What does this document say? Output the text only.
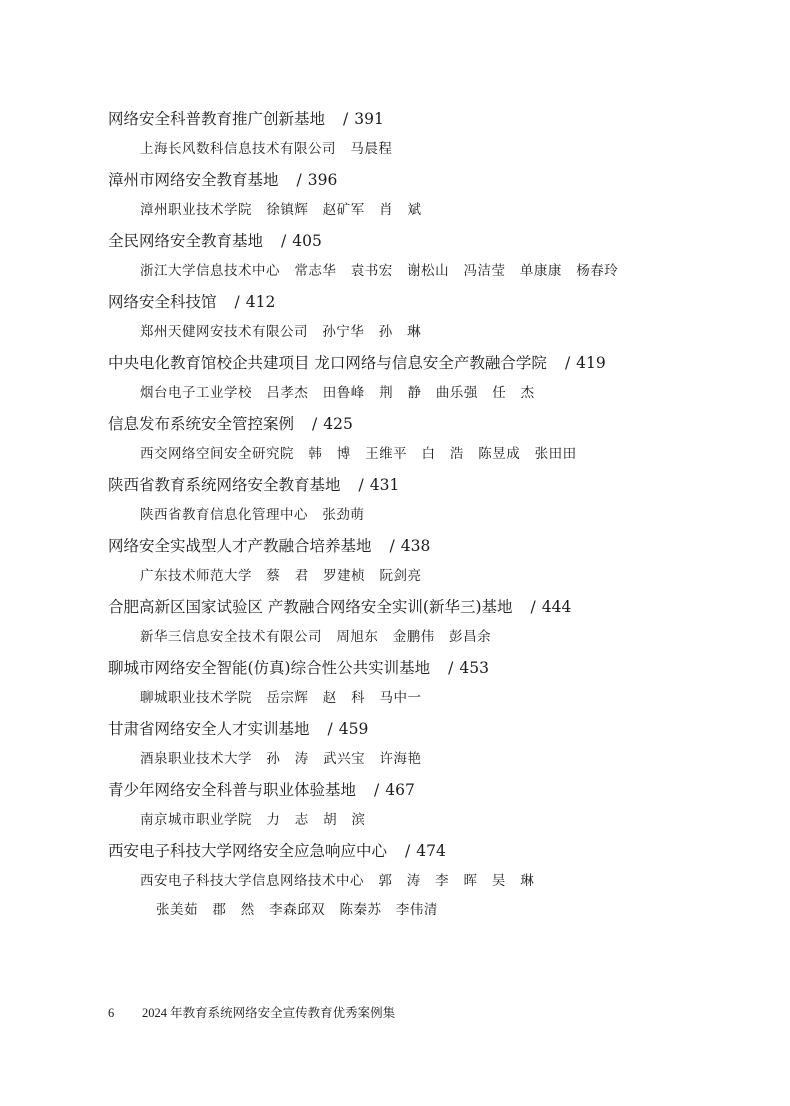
网络安全科普教育推广创新基地 / 391
上海长风数科信息技术有限公司   马晨程
漳州市网络安全教育基地 / 396
漳州职业技术学院   徐镇辉   赵矿军   肖   斌
全民网络安全教育基地 / 405
浙江大学信息技术中心   常志华   袁书宏   谢松山   冯洁莹   单康康   杨春玲
网络安全科技馆 / 412
郑州天健网安技术有限公司   孙宁华   孙   琳
中央电化教育馆校企共建项目 龙口网络与信息安全产教融合学院 / 419
烟台电子工业学校   吕孝杰   田鲁峰   荆   静   曲乐强   任   杰
信息发布系统安全管控案例 / 425
西交网络空间安全研究院   韩   博   王维平   白   浩   陈昱成   张田田
陕西省教育系统网络安全教育基地 / 431
陕西省教育信息化管理中心   张劲萌
网络安全实战型人才产教融合培养基地 / 438
广东技术师范大学   蔡   君   罗建桢   阮剑亮
合肥高新区国家试验区 产教融合网络安全实训(新华三)基地 / 444
新华三信息安全技术有限公司   周旭东   金鹏伟   彭昌余
聊城市网络安全智能(仿真)综合性公共实训基地 / 453
聊城职业技术学院   岳宗辉   赵   科   马中一
甘肃省网络安全人才实训基地 / 459
酒泉职业技术大学   孙   涛   武兴宝   许海艳
青少年网络安全科普与职业体验基地 / 467
南京城市职业学院   力   志   胡   滨
西安电子科技大学网络安全应急响应中心 / 474
西安电子科技大学信息网络技术中心   郭   涛   李   晖   吴   琳
张美茹   郡   然   李森邱双   陈秦苏   李伟清
6 2024 年教育系统网络安全宣传教育优秀案例集
